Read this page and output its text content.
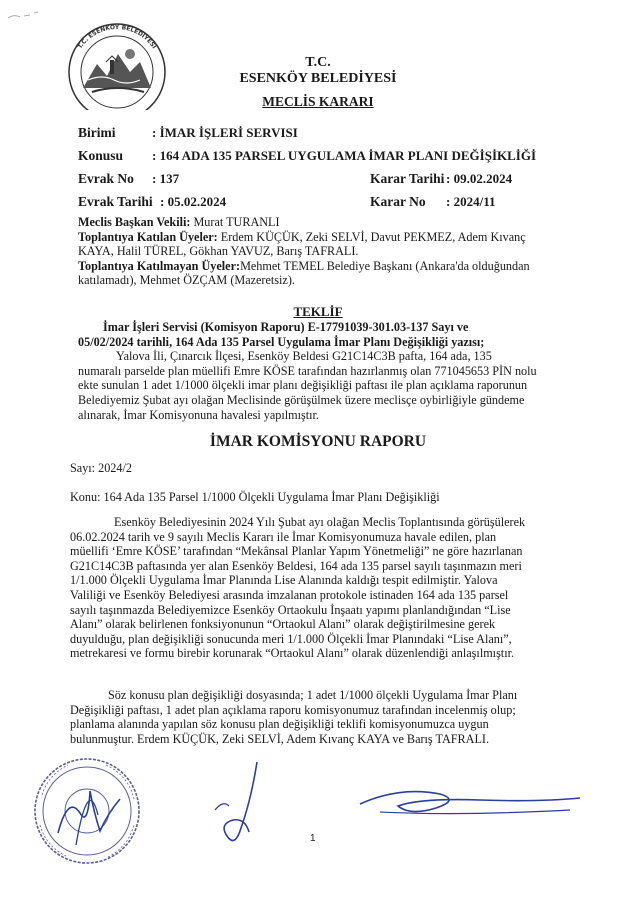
T.C. ESENKÖY BELEDİYESİ
T.C.
ESENKÖY BELEDİYESİ
MECLİS KARARI
Birimi	: İMAR İŞLERİ SERVISI
Konusu : 164 ADA 135 PARSEL UYGULAMA İMAR PLANI DEĞİŞİKLİĞİ
Evrak No : 137	Karar Tarihi : 09.02.2024
Evrak Tarihi : 05.02.2024	Karar No : 2024/11
Meclis Başkan Vekili: Murat TURANLI
Toplantıya Katılan Üyeler: Erdem KÜÇÜK, Zeki SELVİ, Davut PEKMEZ, Adem Kıvanç
KAYA, Halil TÜREL, Gökhan YAVUZ, Barış TAFRALI.
Toplantıya Katılmayan Üyeler:Mehmet TEMEL Belediye Başkanı (Ankara'da olduğundan
katılamadı), Mehmet ÖZÇAM (Mazeretsiz).
TEKLİF
İmar İşleri Servisi (Komisyon Raporu) E-17791039-301.03-137 Sayı ve
05/02/2024 tarihli, 164 Ada 135 Parsel Uygulama İmar Planı Değişikliği yazısı;
Yalova İli, Çınarcık İlçesi, Esenköy Beldesi G21C14C3B pafta, 164 ada, 135
numaralı parselde plan müellifi Emre KÖSE tarafından hazırlanmış olan 771045653 PİN nolu
ekte sunulan 1 adet 1/1000 ölçekli imar planı değişikliği paftası ile plan açıklama raporunun
Belediyemiz Şubat ayı olağan Meclisinde görüşülmek üzere meclisçe oybirliğiyle gündeme
alınarak, İmar Komisyonuna havalesi yapılmıştır.
İMAR KOMİSYONU RAPORU
Sayı: 2024/2
Konu: 164 Ada 135 Parsel 1/1000 Ölçekli Uygulama İmar Planı Değişikliği
Esenköy Belediyesinin 2024 Yılı Şubat ayı olağan Meclis Toplantısında görüşülerek
06.02.2024 tarih ve 9 sayılı Meclis Kararı ile İmar Komisyonumuza havale edilen, plan
müellifi ‘Emre KÖSE’ tarafından “Mekânsal Planlar Yapım Yönetmeliği” ne göre hazırlanan
G21C14C3B paftasında yer alan Esenköy Beldesi, 164 ada 135 parsel sayılı taşınmazın meri
1/1.000 Ölçekli Uygulama İmar Planında Lise Alanında kaldığı tespit edilmiştir. Yalova
Valiliği ve Esenköy Belediyesi arasında imzalanan protokole istinaden 164 ada 135 parsel
sayılı taşınmazda Belediyemizce Esenköy Ortaokulu İnşaatı yapımı planlandığından “Lise
Alanı” olarak belirlenen fonksiyonunun “Ortaokul Alanı” olarak değiştirilmesine gerek
duyulduğu, plan değişikliği sonucunda meri 1/1.000 Ölçekli İmar Planındaki “Lise Alanı”,
metrekaresi ve formu birebir korunarak “Ortaokul Alanı” olarak düzenlendiği anlaşılmıştır.
Söz konusu plan değişikliği dosyasında; 1 adet 1/1000 ölçekli Uygulama İmar Planı
Değişikliği paftası, 1 adet plan açıklama raporu komisyonumuz tarafından incelenmiş olup;
planlama alanında yapılan söz konusu plan değişikliği teklifi komisyonumuzca uygun
bulunmuştur. Erdem KÜÇÜK, Zeki SELVİ, Adem Kıvanç KAYA ve Barış TAFRALI.
1
